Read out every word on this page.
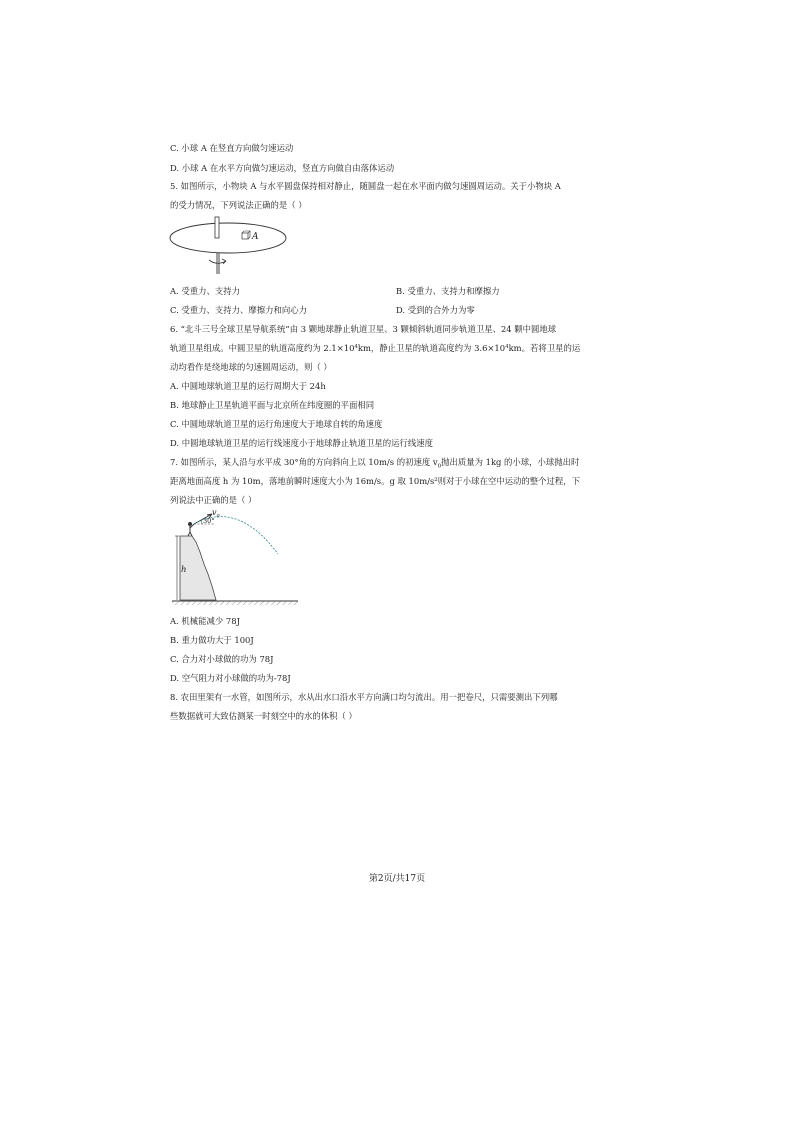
C. 小球 A 在竖直方向做匀速运动
D. 小球 A 在水平方向做匀速运动，竖直方向做自由落体运动
5. 如图所示，小物块 A 与水平圆盘保持相对静止，随圆盘一起在水平面内做匀速圆周运动。关于小物块 A
的受力情况，下列说法正确的是（ ）
A
A. 受重力、支持力	B. 受重力、支持力和摩擦力
C. 受重力、支持力、摩擦力和向心力	D. 受到的合外力为零
6. “北斗三号全球卫星导航系统”由 3 颗地球静止轨道卫星、3 颗倾斜轨道同步轨道卫星、24 颗中圆地球
轨道卫星组成。中圆卫星的轨道高度约为 $2.1\times 10^4km$，静止卫星的轨道高度约为 $3.6\times 10^4km$。若将卫星的运
动均看作是绕地球的匀速圆周运动，则（ ）
A. 中圆地球轨道卫星的运行周期大于 24h
B. 地球静止卫星轨道平面与北京所在纬度圈的平面相同
C. 中圆地球轨道卫星的运行角速度大于地球自转的角速度
D. 中圆地球轨道卫星的运行线速度小于地球静止轨道卫星的运行线速度
7. 如图所示，某人沿与水平成 30°角的方向斜向上以 10m/s 的初速度 $v_0$抛出质量为 1kg 的小球，小球抛出时
距离地面高度 h 为 10m，落地前瞬时速度大小为 16m/s。g 取 10m/s²则对于小球在空中运动的整个过程，下
列说法中正确的是（ ）
$v_0$
30°
h
A. 机械能减少 78J
B. 重力做功大于 100J
C. 合力对小球做的功为 78J
D. 空气阻力对小球做的功为-78J
8. 农田里架有一水管，如图所示，水从出水口沿水平方向满口均匀流出。用一把卷尺，只需要测出下列哪
些数据就可大致估测某一时刻空中的水的体积（ ）
第2页/共17页
